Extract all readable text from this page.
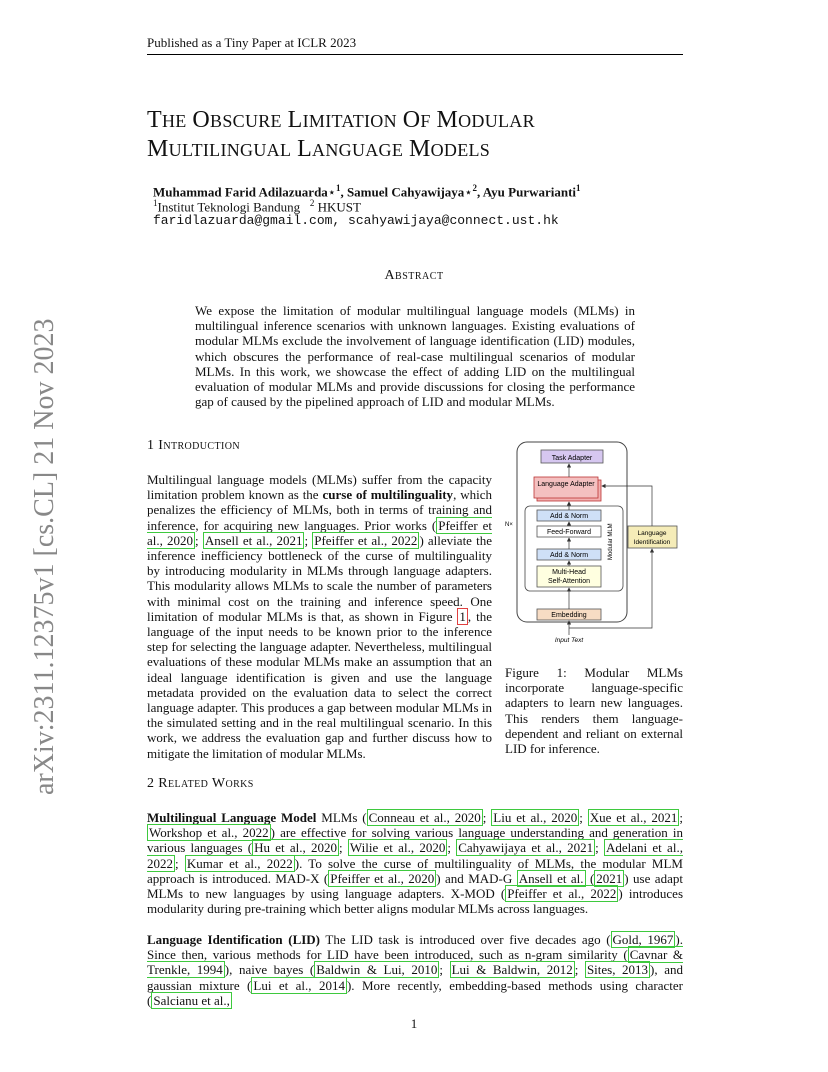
Published as a Tiny Paper at ICLR 2023
arXiv:2311.12375v1 [cs.CL] 21 Nov 2023
THE OBSCURE LIMITATION OF MODULAR
MULTILINGUAL LANGUAGE MODELS
Muhammad Farid Adilazuarda⋆$^1$, Samuel Cahyawijaya⋆$^2$, Ayu Purwarianti$^1$
$^1$Institut Teknologi Bandung   $^2$ HKUST
faridlazuarda@gmail.com, scahyawijaya@connect.ust.hk
Abstract
We expose the limitation of modular multilingual language models (MLMs) in multilingual inference scenarios with unknown languages. Existing evaluations of modular MLMs exclude the involvement of language identification (LID) modules, which obscures the performance of real-case multilingual scenarios of modular MLMs. In this work, we showcase the effect of adding LID on the multilingual evaluation of modular MLMs and provide discussions for closing the performance gap of caused by the pipelined approach of LID and modular MLMs.
1 Introduction
Multilingual language models (MLMs) suffer from the capacity limitation problem known as the curse of multilinguality, which penalizes the efficiency of MLMs, both in terms of training and inference, for acquiring new languages. Prior works ( Pfeiffer et al., 2020 ; Ansell et al., 2021 ; Pfeiffer et al., 2022 ) alleviate the inference inefficiency bottleneck of the curse of multilinguality by introducing modularity in MLMs through language adapters. This modularity allows MLMs to scale the number of parameters with minimal cost on the training and inference speed. One limitation of modular MLMs is that, as shown in Figure 1 , the language of the input needs to be known prior to the inference step for selecting the language adapter. Nevertheless, multilingual evaluations of these modular MLMs make an assumption that an ideal language identification is given and use the language metadata provided on the evaluation data to select the correct language adapter. This produces a gap between modular MLMs in the simulated setting and in the real multilingual scenario. In this work, we address the evaluation gap and further discuss how to mitigate the limitation of modular MLMs.
Task Adapter
Language Adapter
Add & Norm
Feed-Forward
Add & Norm
Multi-Head
Self-Attention
N×
Embedding
Input Text
Modular MLM	Language
Identification
Figure 1: Modular MLMs incorporate language-specific adapters to learn new languages. This renders them language-dependent and reliant on external LID for inference.
2 Related Works
Multilingual Language Model MLMs ( Conneau et al., 2020 ; Liu et al., 2020 ; Xue et al., 2021 ; Workshop et al., 2022 ) are effective for solving various language understanding and generation in various languages ( Hu et al., 2020 ; Wilie et al., 2020 ; Cahyawijaya et al., 2021 ; Adelani et al., 2022 ; Kumar et al., 2022 ). To solve the curse of multilinguality of MLMs, the modular MLM approach is introduced. MAD-X ( Pfeiffer et al., 2020 ) and MAD-G Ansell et al. ( 2021 ) use adapt MLMs to new languages by using language adapters. X-MOD ( Pfeiffer et al., 2022 ) introduces modularity during pre-training which better aligns modular MLMs across languages.
Language Identification (LID) The LID task is introduced over five decades ago ( Gold, 1967 ). Since then, various methods for LID have been introduced, such as n-gram similarity ( Cavnar & Trenkle, 1994 ), naive bayes ( Baldwin & Lui, 2010 ; Lui & Baldwin, 2012 ; Sites, 2013 ), and gaussian mixture ( Lui et al., 2014 ). More recently, embedding-based methods using character ( Salcianu et al.,
1
